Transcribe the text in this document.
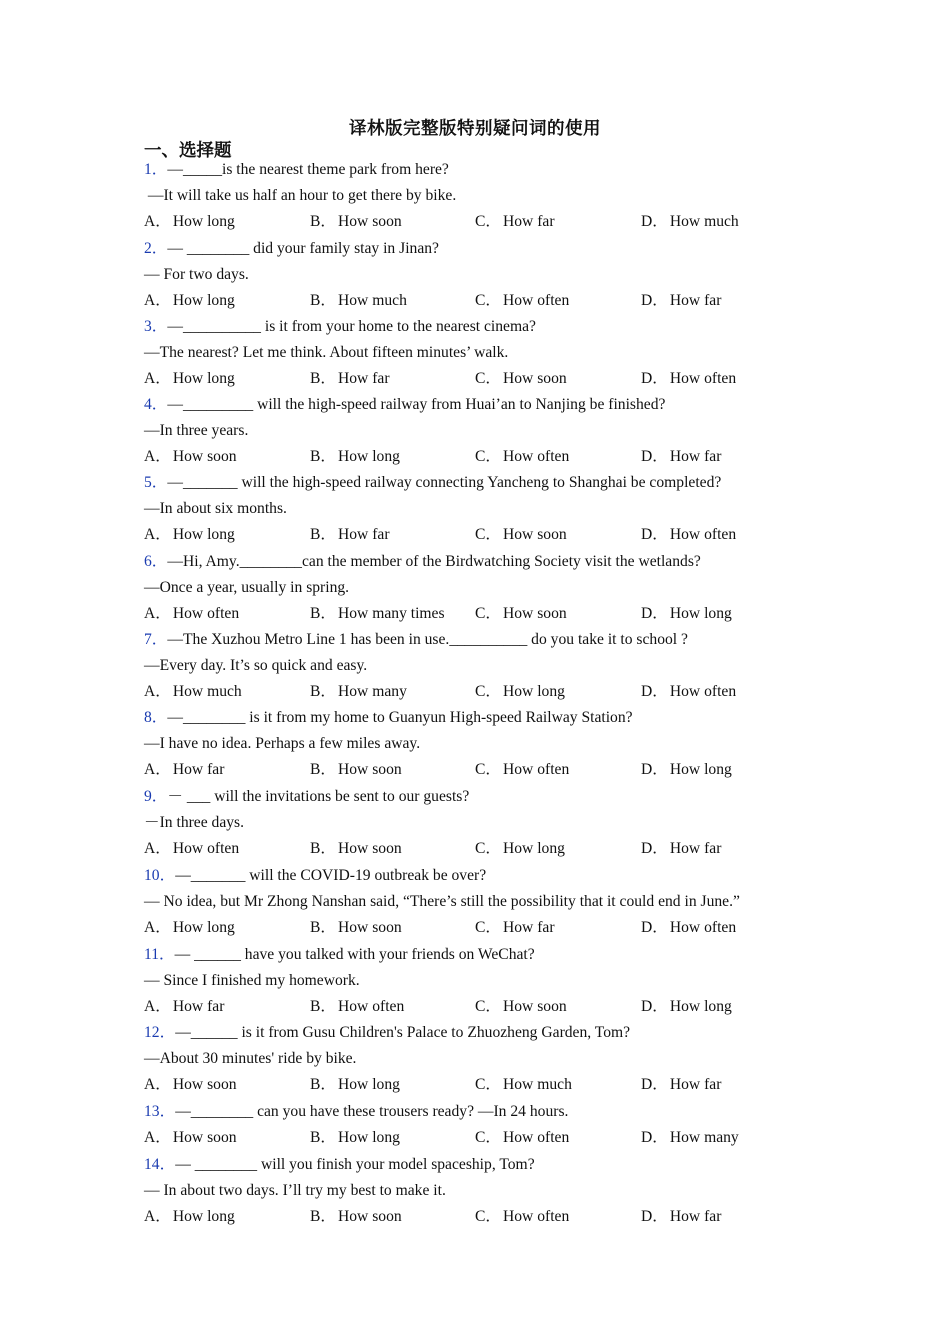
译林版完整版特别疑问词的使用
一、选择题
1．—_____is the nearest theme park from here?
—It will take us half an hour to get there by bike.
A． How long	B． How soon	C． How far	D． How much
2．— ________ did your family stay in Jinan?
— For two days.
A． How long	B． How much	C． How often	D． How far
3．—__________ is it from your home to the nearest cinema?
—The nearest? Let me think. About fifteen minutes’ walk.
A． How long	B． How far	C． How soon	D． How often
4．—_________ will the high-speed railway from Huai’an to Nanjing be finished?
—In three years.
A． How soon	B． How long	C． How often	D． How far
5．—_______ will the high-speed railway connecting Yancheng to Shanghai be completed?
—In about six months.
A． How long	B． How far	C． How soon	D． How often
6．—Hi, Amy.________can the member of the Birdwatching Society visit the wetlands?
—Once a year, usually in spring.
A． How often	B． How many times C． How soon	D． How long
7．—The Xuzhou Metro Line 1 has been in use.__________ do you take it to school ?
—Every day. It’s so quick and easy.
A． How much	B． How many	C． How long	D． How often
8．—________ is it from my home to Guanyun High-speed Railway Station?
—I have no idea. Perhaps a few miles away.
A． How far	B． How soon	C． How often	D． How long
9．－ ___ will the invitations be sent to our guests?
－In three days.
A． How often	B． How soon	C． How long	D． How far
10．—_______ will the COVID-19 outbreak be over?
— No idea, but Mr Zhong Nanshan said, “There’s still the possibility that it could end in June.”
A． How long	B． How soon	C． How far	D． How often
11．— ______ have you talked with your friends on WeChat?
— Since I finished my homework.
A． How far	B． How often	C． How soon	D． How long
12．—______ is it from Gusu Children's Palace to Zhuozheng Garden, Tom?
—About 30 minutes' ride by bike.
A． How soon	B． How long	C． How much	D． How far
13．—________ can you have these trousers ready? —In 24 hours.
A． How soon	B． How long	C． How often	D． How many
14．— ________ will you finish your model spaceship, Tom?
— In about two days. I’ll try my best to make it.
A． How long	B． How soon	C． How often	D． How far
